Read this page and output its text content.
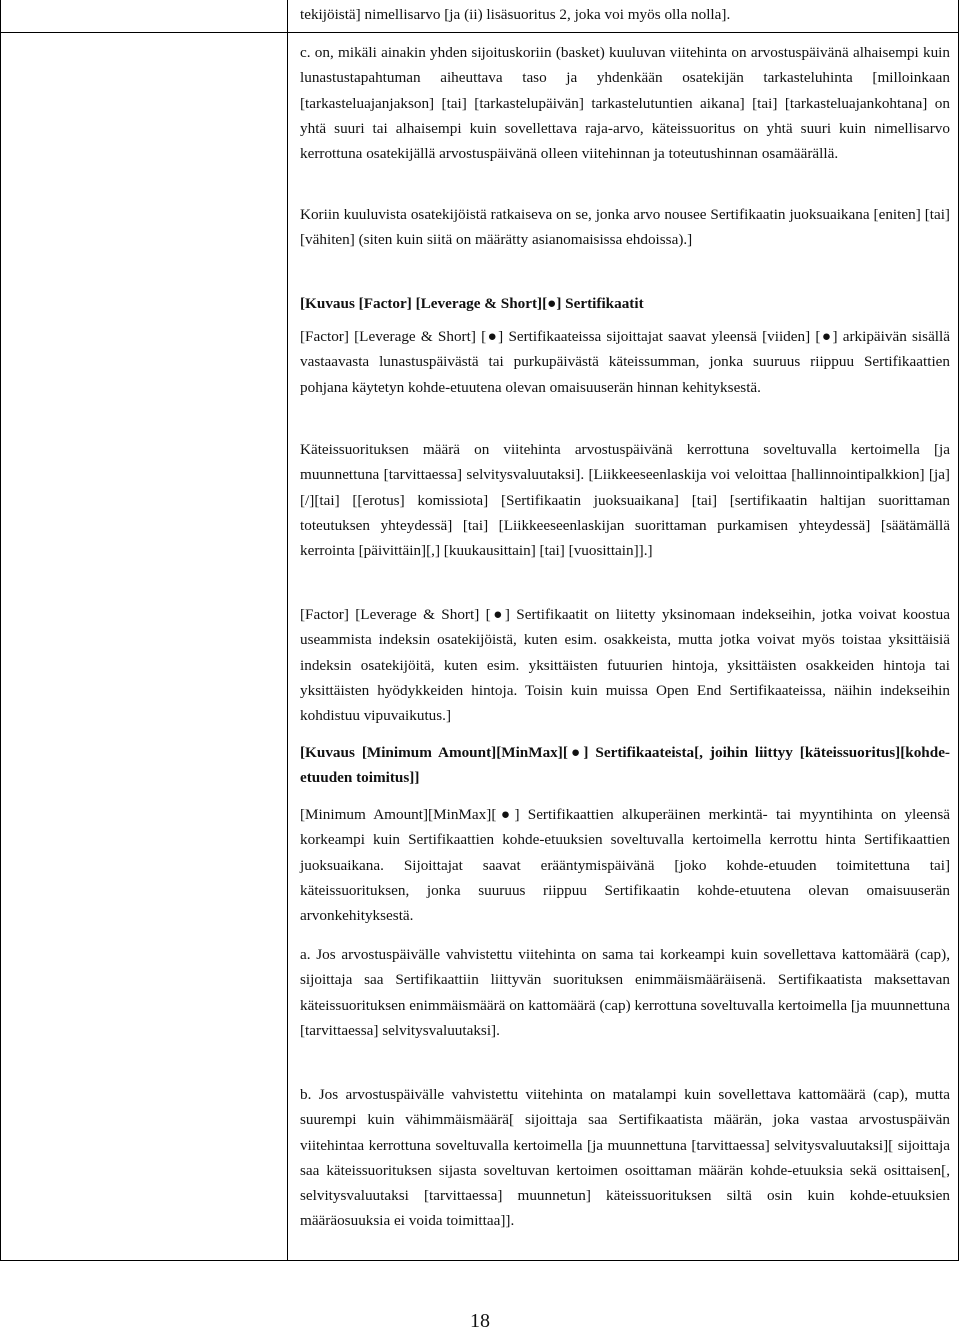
tekijöistä] nimellisarvo [ja (ii) lisäsuoritus 2, joka voi myös olla nolla].

c. on, mikäli ainakin yhden sijoituskoriin (basket) kuuluvan viitehinta on arvostuspäivänä alhaisempi kuin lunastustapahtuman aiheuttava taso ja yhdenkään osatekijän tarkasteluhinta [milloinkaan [tarkasteluajanjakson] [tai] [tarkastelupäivän] tarkastelutuntien aikana] [tai] [tarkasteluajankohtana] on yhtä suuri tai alhaisempi kuin sovellettava raja-arvo, käteissuoritus on yhtä suuri kuin nimellisarvo kerrottuna osatekijällä arvostuspäivänä olleen viitehinnan ja toteutushinnan osamäärällä.

Koriin kuuluvista osatekijöistä ratkaiseva on se, jonka arvo nousee Sertifikaatin juoksuaikana [eniten] [tai] [vähiten] (siten kuin siitä on määrätty asianomaisissa ehdoissa).]

[Kuvaus [Factor] [Leverage & Short][●] Sertifikaatit

[Factor] [Leverage & Short] [●] Sertifikaateissa sijoittajat saavat yleensä [viiden] [●] arkipäivän sisällä vastaavasta lunastuspäivästä tai purkupäivästä käteissumman, jonka suuruus riippuu Sertifikaattien pohjana käytetyn kohde-etuutena olevan omaisuuserän hinnan kehityksestä.

Käteissuorituksen määrä on viitehinta arvostuspäivänä kerrottuna soveltuvalla kertoimella [ja muunnettuna [tarvittaessa] selvitysvaluutaksi]. [Liikkeeseenlaskija voi veloittaa [hallinnointipalkkion] [ja][/][tai] [[erotus] komissiota] [Sertifikaatin juoksuaikana] [tai] [sertifikaatin haltijan suorittaman toteutuksen yhteydessä] [tai] [Liikkeeseenlaskijan suorittaman purkamisen yhteydessä] [säätämällä kerrointa [päivittäin][,] [kuukausittain] [tai] [vuosittain]].]

[Factor] [Leverage & Short] [●] Sertifikaatit on liitetty yksinomaan indekseihin, jotka voivat koostua useammista indeksin osatekijöistä, kuten esim. osakkeista, mutta jotka voivat myös toistaa yksittäisiä indeksin osatekijöitä, kuten esim. yksittäisten futuurien hintoja, yksittäisten osakkeiden hintoja tai yksittäisten hyödykkeiden hintoja. Toisin kuin muissa Open End Sertifikaateissa, näihin indekseihin kohdistuu vipuvaikutus.]

[Kuvaus [Minimum Amount][MinMax][●] Sertifikaateista[, joihin liittyy [käteissuoritus][kohde-etuuden toimitus]]

[Minimum Amount][MinMax][●] Sertifikaattien alkuperäinen merkintä- tai myyntihinta on yleensä korkeampi kuin Sertifikaattien kohde-etuuksien soveltuvalla kertoimella kerrottu hinta Sertifikaattien juoksuaikana. Sijoittajat saavat erääntymispäivänä [joko kohde-etuuden toimitettuna tai] käteissuorituksen, jonka suuruus riippuu Sertifikaatin kohde-etuutena olevan omaisuuserän arvonkehityksestä.

a. Jos arvostuspäivälle vahvistettu viitehinta on sama tai korkeampi kuin sovellettava kattomäärä (cap), sijoittaja saa Sertifikaattiin liittyvän suorituksen enimmäismääräisenä. Sertifikaatista maksettavan käteissuorituksen enimmäismäärä on kattomäärä (cap) kerrottuna soveltuvalla kertoimella [ja muunnettuna [tarvittaessa] selvitysvaluutaksi].

b. Jos arvostuspäivälle vahvistettu viitehinta on matalampi kuin sovellettava kattomäärä (cap), mutta suurempi kuin vähimmäismäärä[ sijoittaja saa Sertifikaatista määrän, joka vastaa arvostuspäivän viitehintaa kerrottuna soveltuvalla kertoimella [ja muunnettuna [tarvittaessa] selvitysvaluutaksi][ sijoittaja saa käteissuorituksen sijasta soveltuvan kertoimen osoittaman määrän kohde-etuuksia sekä osittaisen[, selvitysvaluutaksi [tarvittaessa] muunnetun] käteissuorituksen siltä osin kuin kohde-etuuksien määräosuuksia ei voida toimittaa]].

18
